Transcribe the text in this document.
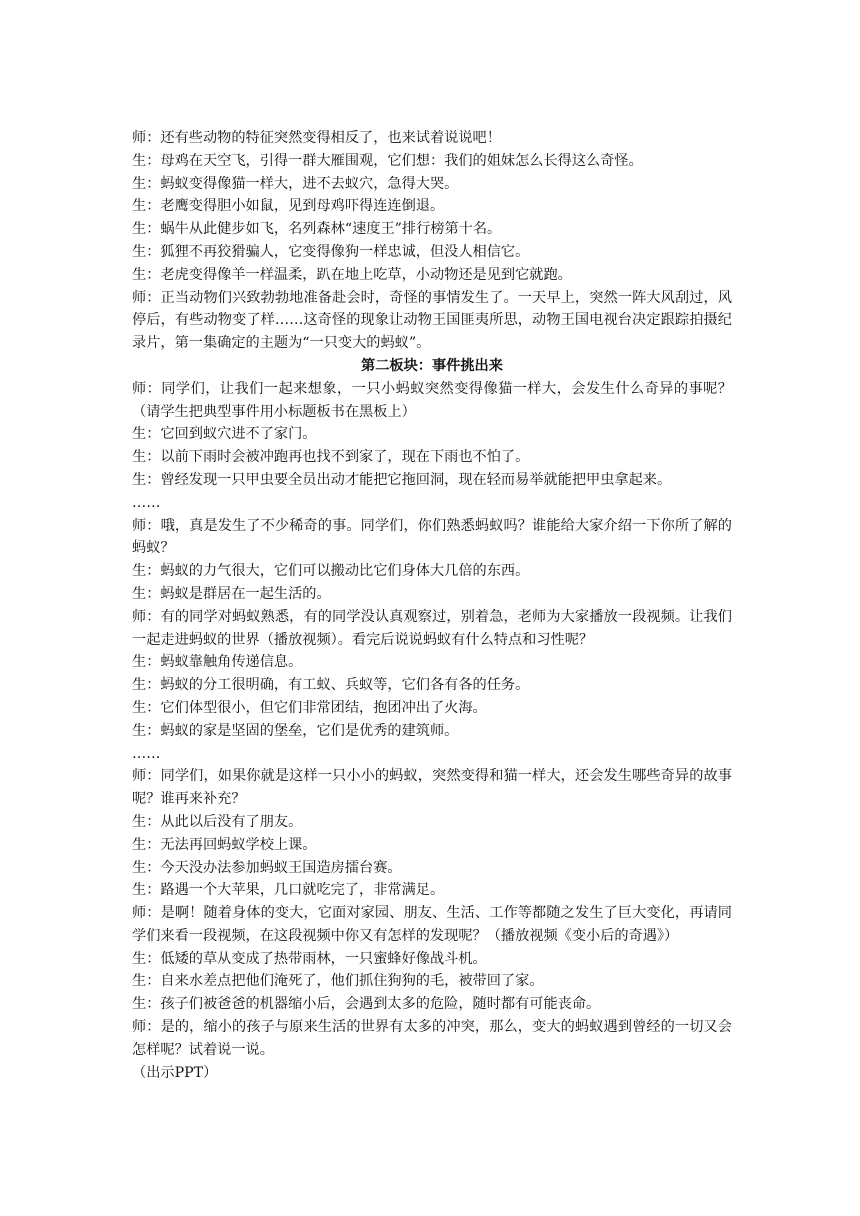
师：还有些动物的特征突然变得相反了，也来试着说说吧！

生：母鸡在天空飞，引得一群大雁围观，它们想：我们的姐妹怎么长得这么奇怪。

生：蚂蚁变得像猫一样大，进不去蚁穴，急得大哭。

生：老鹰变得胆小如鼠，见到母鸡吓得连连倒退。

生：蜗牛从此健步如飞，名列森林“速度王”排行榜第十名。

生：狐狸不再狡猾骗人，它变得像狗一样忠诚，但没人相信它。

生：老虎变得像羊一样温柔，趴在地上吃草，小动物还是见到它就跑。

师：正当动物们兴致勃勃地准备赴会时，奇怪的事情发生了。一天早上，突然一阵大风刮过，风停后，有些动物变了样……这奇怪的现象让动物王国匪夷所思，动物王国电视台决定跟踪拍摄纪录片，第一集确定的主题为“一只变大的蚂蚁”。

第二板块：事件挑出来

师：同学们，让我们一起来想象，一只小蚂蚁突然变得像猫一样大，会发生什么奇异的事呢？（请学生把典型事件用小标题板书在黑板上）

生：它回到蚁穴进不了家门。

生：以前下雨时会被冲跑再也找不到家了，现在下雨也不怕了。

生：曾经发现一只甲虫要全员出动才能把它拖回洞，现在轻而易举就能把甲虫拿起来。

……

师：哦，真是发生了不少稀奇的事。同学们，你们熟悉蚂蚁吗？谁能给大家介绍一下你所了解的蚂蚁？

生：蚂蚁的力气很大，它们可以搬动比它们身体大几倍的东西。

生：蚂蚁是群居在一起生活的。

师：有的同学对蚂蚁熟悉，有的同学没认真观察过，别着急，老师为大家播放一段视频。让我们一起走进蚂蚁的世界（播放视频）。看完后说说蚂蚁有什么特点和习性呢？

生：蚂蚁靠触角传递信息。

生：蚂蚁的分工很明确，有工蚁、兵蚁等，它们各有各的任务。

生：它们体型很小，但它们非常团结，抱团冲出了火海。

生：蚂蚁的家是坚固的堡垒，它们是优秀的建筑师。

……

师：同学们，如果你就是这样一只小小的蚂蚁，突然变得和猫一样大，还会发生哪些奇异的故事呢？谁再来补充？

生：从此以后没有了朋友。

生：无法再回蚂蚁学校上课。

生：今天没办法参加蚂蚁王国造房擂台赛。

生：路遇一个大苹果，几口就吃完了，非常满足。

师：是啊！随着身体的变大，它面对家园、朋友、生活、工作等都随之发生了巨大变化，再请同学们来看一段视频，在这段视频中你又有怎样的发现呢？（播放视频《变小后的奇遇》）

生：低矮的草从变成了热带雨林，一只蜜蜂好像战斗机。

生：自来水差点把他们淹死了，他们抓住狗狗的毛，被带回了家。

生：孩子们被爸爸的机器缩小后，会遇到太多的危险，随时都有可能丧命。

师：是的，缩小的孩子与原来生活的世界有太多的冲突，那么，变大的蚂蚁遇到曾经的一切又会怎样呢？试着说一说。

（出示PPT）
